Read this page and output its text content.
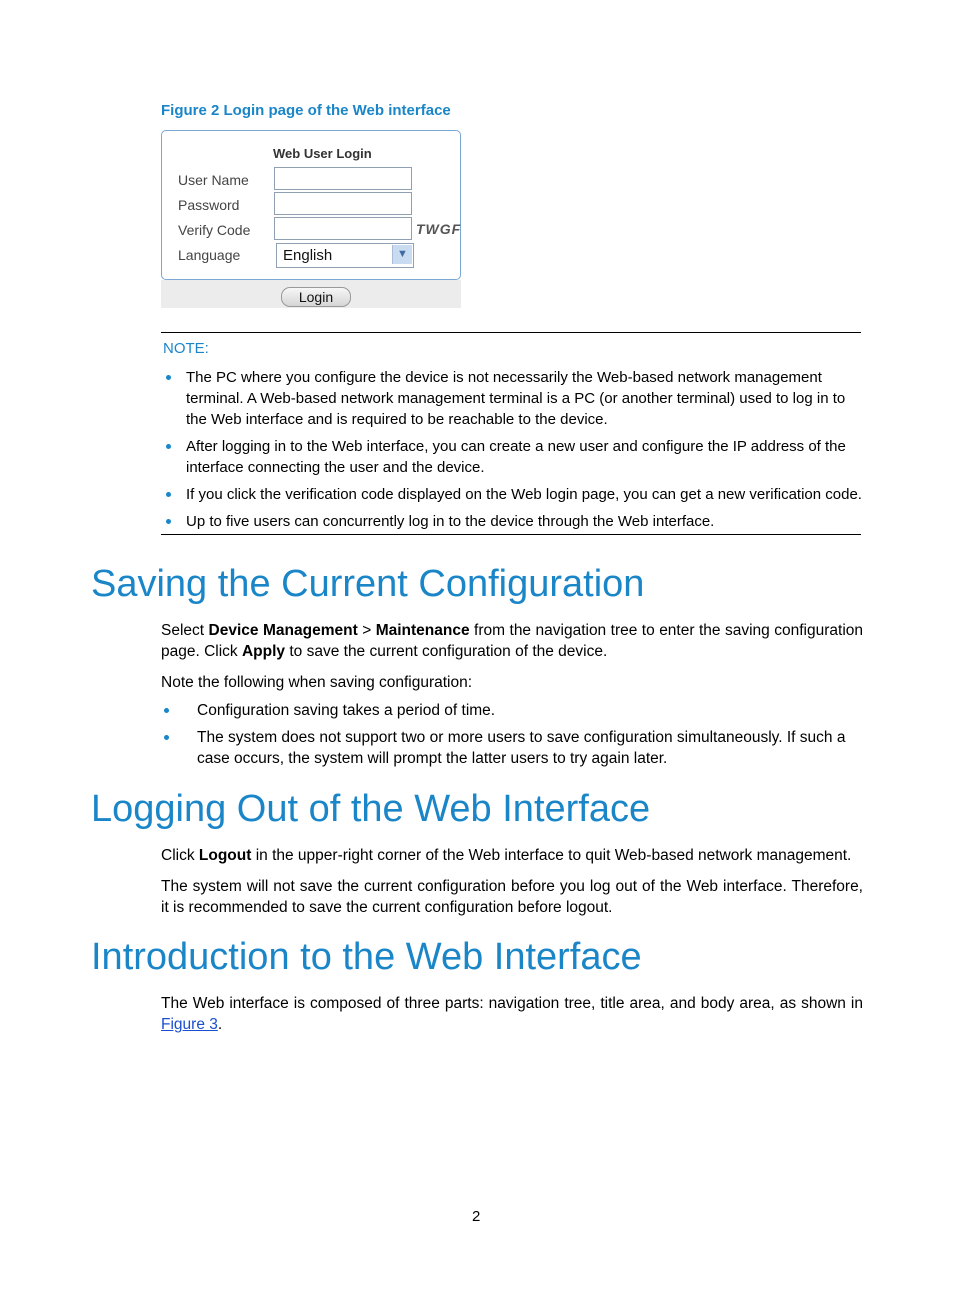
Figure 2 Login page of the Web interface
Web User Login
User Name
Password
Verify Code	TWGF
Language	English	▼
Login
NOTE:
The PC where you configure the device is not necessarily the Web-based network management terminal. A Web-based network management terminal is a PC (or another terminal) used to log in to the Web interface and is required to be reachable to the device.
After logging in to the Web interface, you can create a new user and configure the IP address of the interface connecting the user and the device.
If you click the verification code displayed on the Web login page, you can get a new verification code.
Up to five users can concurrently log in to the device through the Web interface.
Saving the Current Configuration
Select Device Management > Maintenance from the navigation tree to enter the saving configuration page. Click Apply to save the current configuration of the device.
Note the following when saving configuration:
Configuration saving takes a period of time.
The system does not support two or more users to save configuration simultaneously. If such a case occurs, the system will prompt the latter users to try again later.
Logging Out of the Web Interface
Click Logout in the upper-right corner of the Web interface to quit Web-based network management.
The system will not save the current configuration before you log out of the Web interface. Therefore, it is recommended to save the current configuration before logout.
Introduction to the Web Interface
The Web interface is composed of three parts: navigation tree, title area, and body area, as shown in Figure 3.
2
